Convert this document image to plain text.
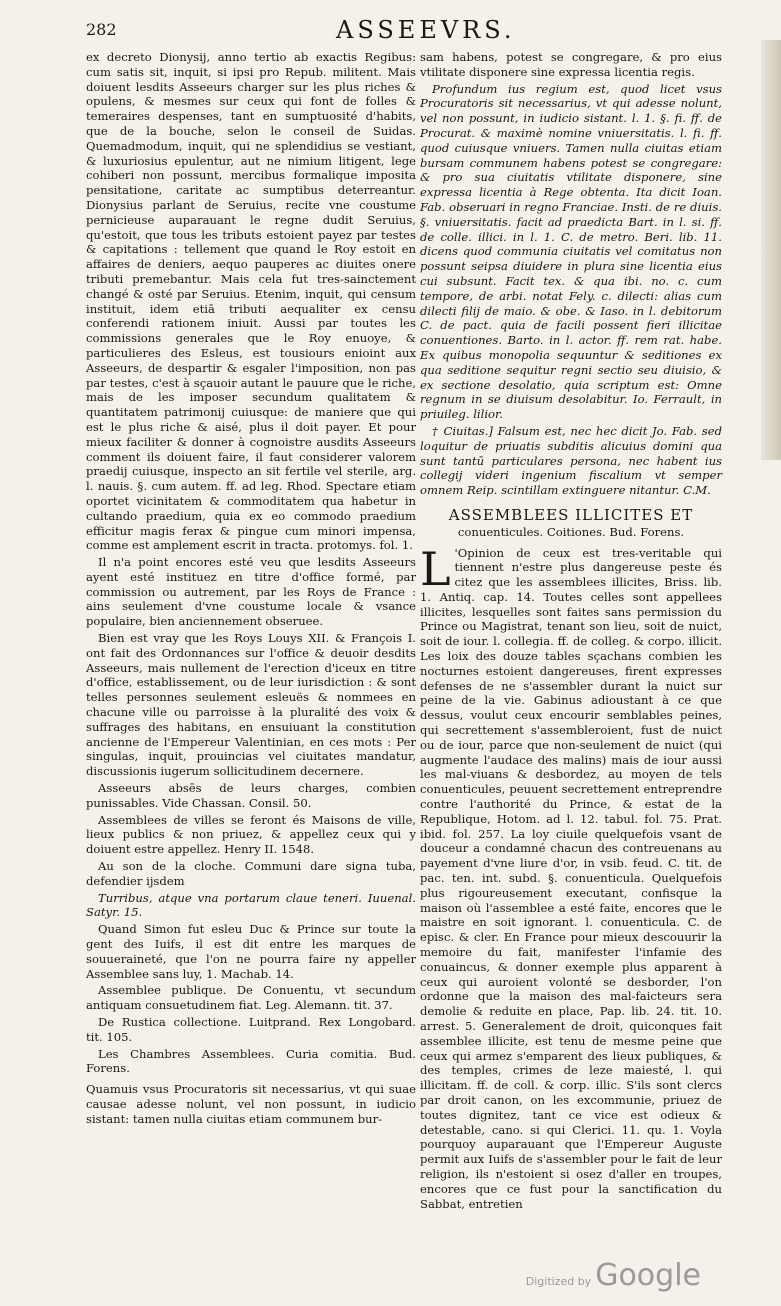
282	ASSEEVRS.

ex decreto Dionysij, anno tertio ab exactis Regibus: cum satis sit, inquit, si ipsi pro Repub. militent. Mais doiuent lesdits Asseeurs charger sur les plus riches & opulens, & mesmes sur ceux qui font de folles & temeraires despenses, tant en sumptuosité d'habits, que de la bouche, selon le conseil de Suidas. Quemadmodum, inquit, qui ne splendidius se vestiant, & luxuriosius epulentur, aut ne nimium litigent, lege cohiberi non possunt, mercibus formalique imposita pensitatione, caritate ac sumptibus deterreantur. Dionysius parlant de Seruius, recite vne coustume pernicieuse auparauant le regne dudit Seruius, qu'estoit, que tous les tributs estoient payez par testes & capitations : tellement que quand le Roy estoit en affaires de deniers, aequo pauperes ac diuites onere tributi premebantur. Mais cela fut tres-sainctement changé & osté par Seruius. Etenim, inquit, qui censum instituit, idem etiā tributi aequaliter ex censu conferendi rationem iniuit. Aussi par toutes les commissions generales que le Roy enuoye, & particulieres des Esleus, est tousiours enioint aux Asseeurs, de despartir & esgaler l'imposition, non pas par testes, c'est à sçauoir autant le pauure que le riche, mais de les imposer secundum qualitatem & quantitatem patrimonij cuiusque: de maniere que qui est le plus riche & aisé, plus il doit payer. Et pour mieux faciliter & donner à cognoistre ausdits Asseeurs comment ils doiuent faire, il faut considerer valorem praedij cuiusque, inspecto an sit fertile vel sterile, arg. l. nauis. §. cum autem. ff. ad leg. Rhod. Spectare etiam oportet vicinitatem & commoditatem qua habetur in cultando praedium, quia ex eo commodo praedium efficitur magis ferax & pingue cum minori impensa, comme est amplement escrit in tracta. protomys. fol. 1.

Il n'a point encores esté veu que lesdits Asseeurs ayent esté instituez en titre d'office formé, par commission ou autrement, par les Roys de France : ains seulement d'vne coustume locale & vsance populaire, bien anciennement obseruee.

Bien est vray que les Roys Louys XII. & François I. ont fait des Ordonnances sur l'office & deuoir desdits Asseeurs, mais nullement de l'erection d'iceux en titre d'office, establissement, ou de leur iurisdiction : & sont telles personnes seulement esleuës & nommees en chacune ville ou parroisse à la pluralité des voix & suffrages des habitans, en ensuiuant la constitution ancienne de l'Empereur Valentinian, en ces mots : Per singulas, inquit, prouincias vel ciuitates mandatur, discussionis iugerum sollicitudinem decernere.

Asseeurs absēs de leurs charges, combien punissables. Vide Chassan. Consil. 50.

Assemblees de villes se feront és Maisons de ville, lieux publics & non priuez, & appellez ceux qui y doiuent estre appellez. Henry II. 1548.

Au son de la cloche. Communi dare signa tuba, defendier ijsdem

Turribus, atque vna portarum claue teneri. Iuuenal. Satyr. 15.

Quand Simon fut esleu Duc & Prince sur toute la gent des Iuifs, il est dit entre les marques de souueraineté, que l'on ne pourra faire ny appeller Assemblee sans luy, 1. Machab. 14.

Assemblee publique. De Conuentu, vt secundum antiquam consuetudinem fiat. Leg. Alemann. tit. 37.

De Rustica collectione. Luitprand. Rex Longobard. tit. 105.

Les Chambres Assemblees. Curia comitia. Bud. Forens.

Quamuis vsus Procuratoris sit necessarius, vt qui suae causae adesse nolunt, vel non possunt, in iudicio sistant: tamen nulla ciuitas etiam communem bur-

sam habens, potest se congregare, & pro eius vtilitate disponere sine expressa licentia regis.

Profundum ius regium est, quod licet vsus Procuratoris sit necessarius, vt qui adesse nolunt, vel non possunt, in iudicio sistant. l. 1. §. fi. ff. de Procurat. & maximè nomine vniuersitatis. l. fi. ff. quod cuiusque vniuers. Tamen nulla ciuitas etiam bursam communem habens potest se congregare: & pro sua ciuitatis vtilitate disponere, sine expressa licentia à Rege obtenta. Ita dicit Ioan. Fab. obseruari in regno Franciae. Insti. de re diuis. §. vniuersitatis. facit ad praedicta Bart. in l. si. ff. de colle. illici. in l. 1. C. de metro. Beri. lib. 11. dicens quod communia ciuitatis vel comitatus non possunt seipsa diuidere in plura sine licentia eius cui subsunt. Facit tex. & qua ibi. no. c. cum tempore, de arbi. notat Fely. c. dilecti: alias cum dilecti filij de maio. & obe. & Iaso. in l. debitorum C. de pact. quia de facili possent fieri illicitae conuentiones. Barto. in l. actor. ff. rem rat. habe. Ex quibus monopolia sequuntur & seditiones ex qua seditione sequitur regni sectio seu diuisio, & ex sectione desolatio, quia scriptum est: Omne regnum in se diuisum desolabitur. Io. Ferrault, in priuileg. lilior.

† Ciuitas.] Falsum est, nec hec dicit Jo. Fab. sed loquitur de priuatis subditis alicuius domini qua sunt tantū particulares persona, nec habent ius collegij videri ingenium fiscalium vt semper omnem Reip. scintillam extinguere nitantur. C.M.

ASSEMBLEES ILLICITES ET
conuenticules. Coitiones. Bud. Forens.

L 'Opinion de ceux est tres-veritable qui tiennent n'estre plus dangereuse peste és citez que les assemblees illicites, Briss. lib. 1. Antiq. cap. 14. Toutes celles sont appellees illicites, lesquelles sont faites sans permission du Prince ou Magistrat, tenant son lieu, soit de nuict, soit de iour. l. collegia. ff. de colleg. & corpo. illicit. Les loix des douze tables sçachans combien les nocturnes estoient dangereuses, firent expresses defenses de ne s'assembler durant la nuict sur peine de la vie. Gabinus adioustant à ce que dessus, voulut ceux encourir semblables peines, qui secrettement s'assembleroient, fust de nuict ou de iour, parce que non-seulement de nuict (qui augmente l'audace des malins) mais de iour aussi les mal-viuans & desbordez, au moyen de tels conuenticules, peuuent secrettement entreprendre contre l'authorité du Prince, & estat de la Republique, Hotom. ad l. 12. tabul. fol. 75. Prat. ibid. fol. 257. La loy ciuile quelquefois vsant de douceur a condamné chacun des contreuenans au payement d'vne liure d'or, in vsib. feud. C. tit. de pac. ten. int. subd. §. conuenticula. Quelquefois plus rigoureusement executant, confisque la maison où l'assemblee a esté faite, encores que le maistre en soit ignorant. l. conuenticula. C. de episc. & cler. En France pour mieux descouurir la memoire du fait, manifester l'infamie des conuaincus, & donner exemple plus apparent à ceux qui auroient volonté se desborder, l'on ordonne que la maison des mal-faicteurs sera demolie & reduite en place, Pap. lib. 24. tit. 10. arrest. 5. Generalement de droit, quiconques fait assemblee illicite, est tenu de mesme peine que ceux qui armez s'emparent des lieux publiques, & des temples, crimes de leze maiesté, l. qui illicitam. ff. de coll. & corp. illic. S'ils sont clercs par droit canon, on les excommunie, priuez de toutes dignitez, tant ce vice est odieux & detestable, cano. si qui Clerici. 11. qu. 1. Voyla pourquoy auparauant que l'Empereur Auguste permit aux Iuifs de s'assembler pour le fait de leur religion, ils n'estoient si osez d'aller en troupes, encores que ce fust pour la sanctification du Sabbat, entretien

Digitized by Google
